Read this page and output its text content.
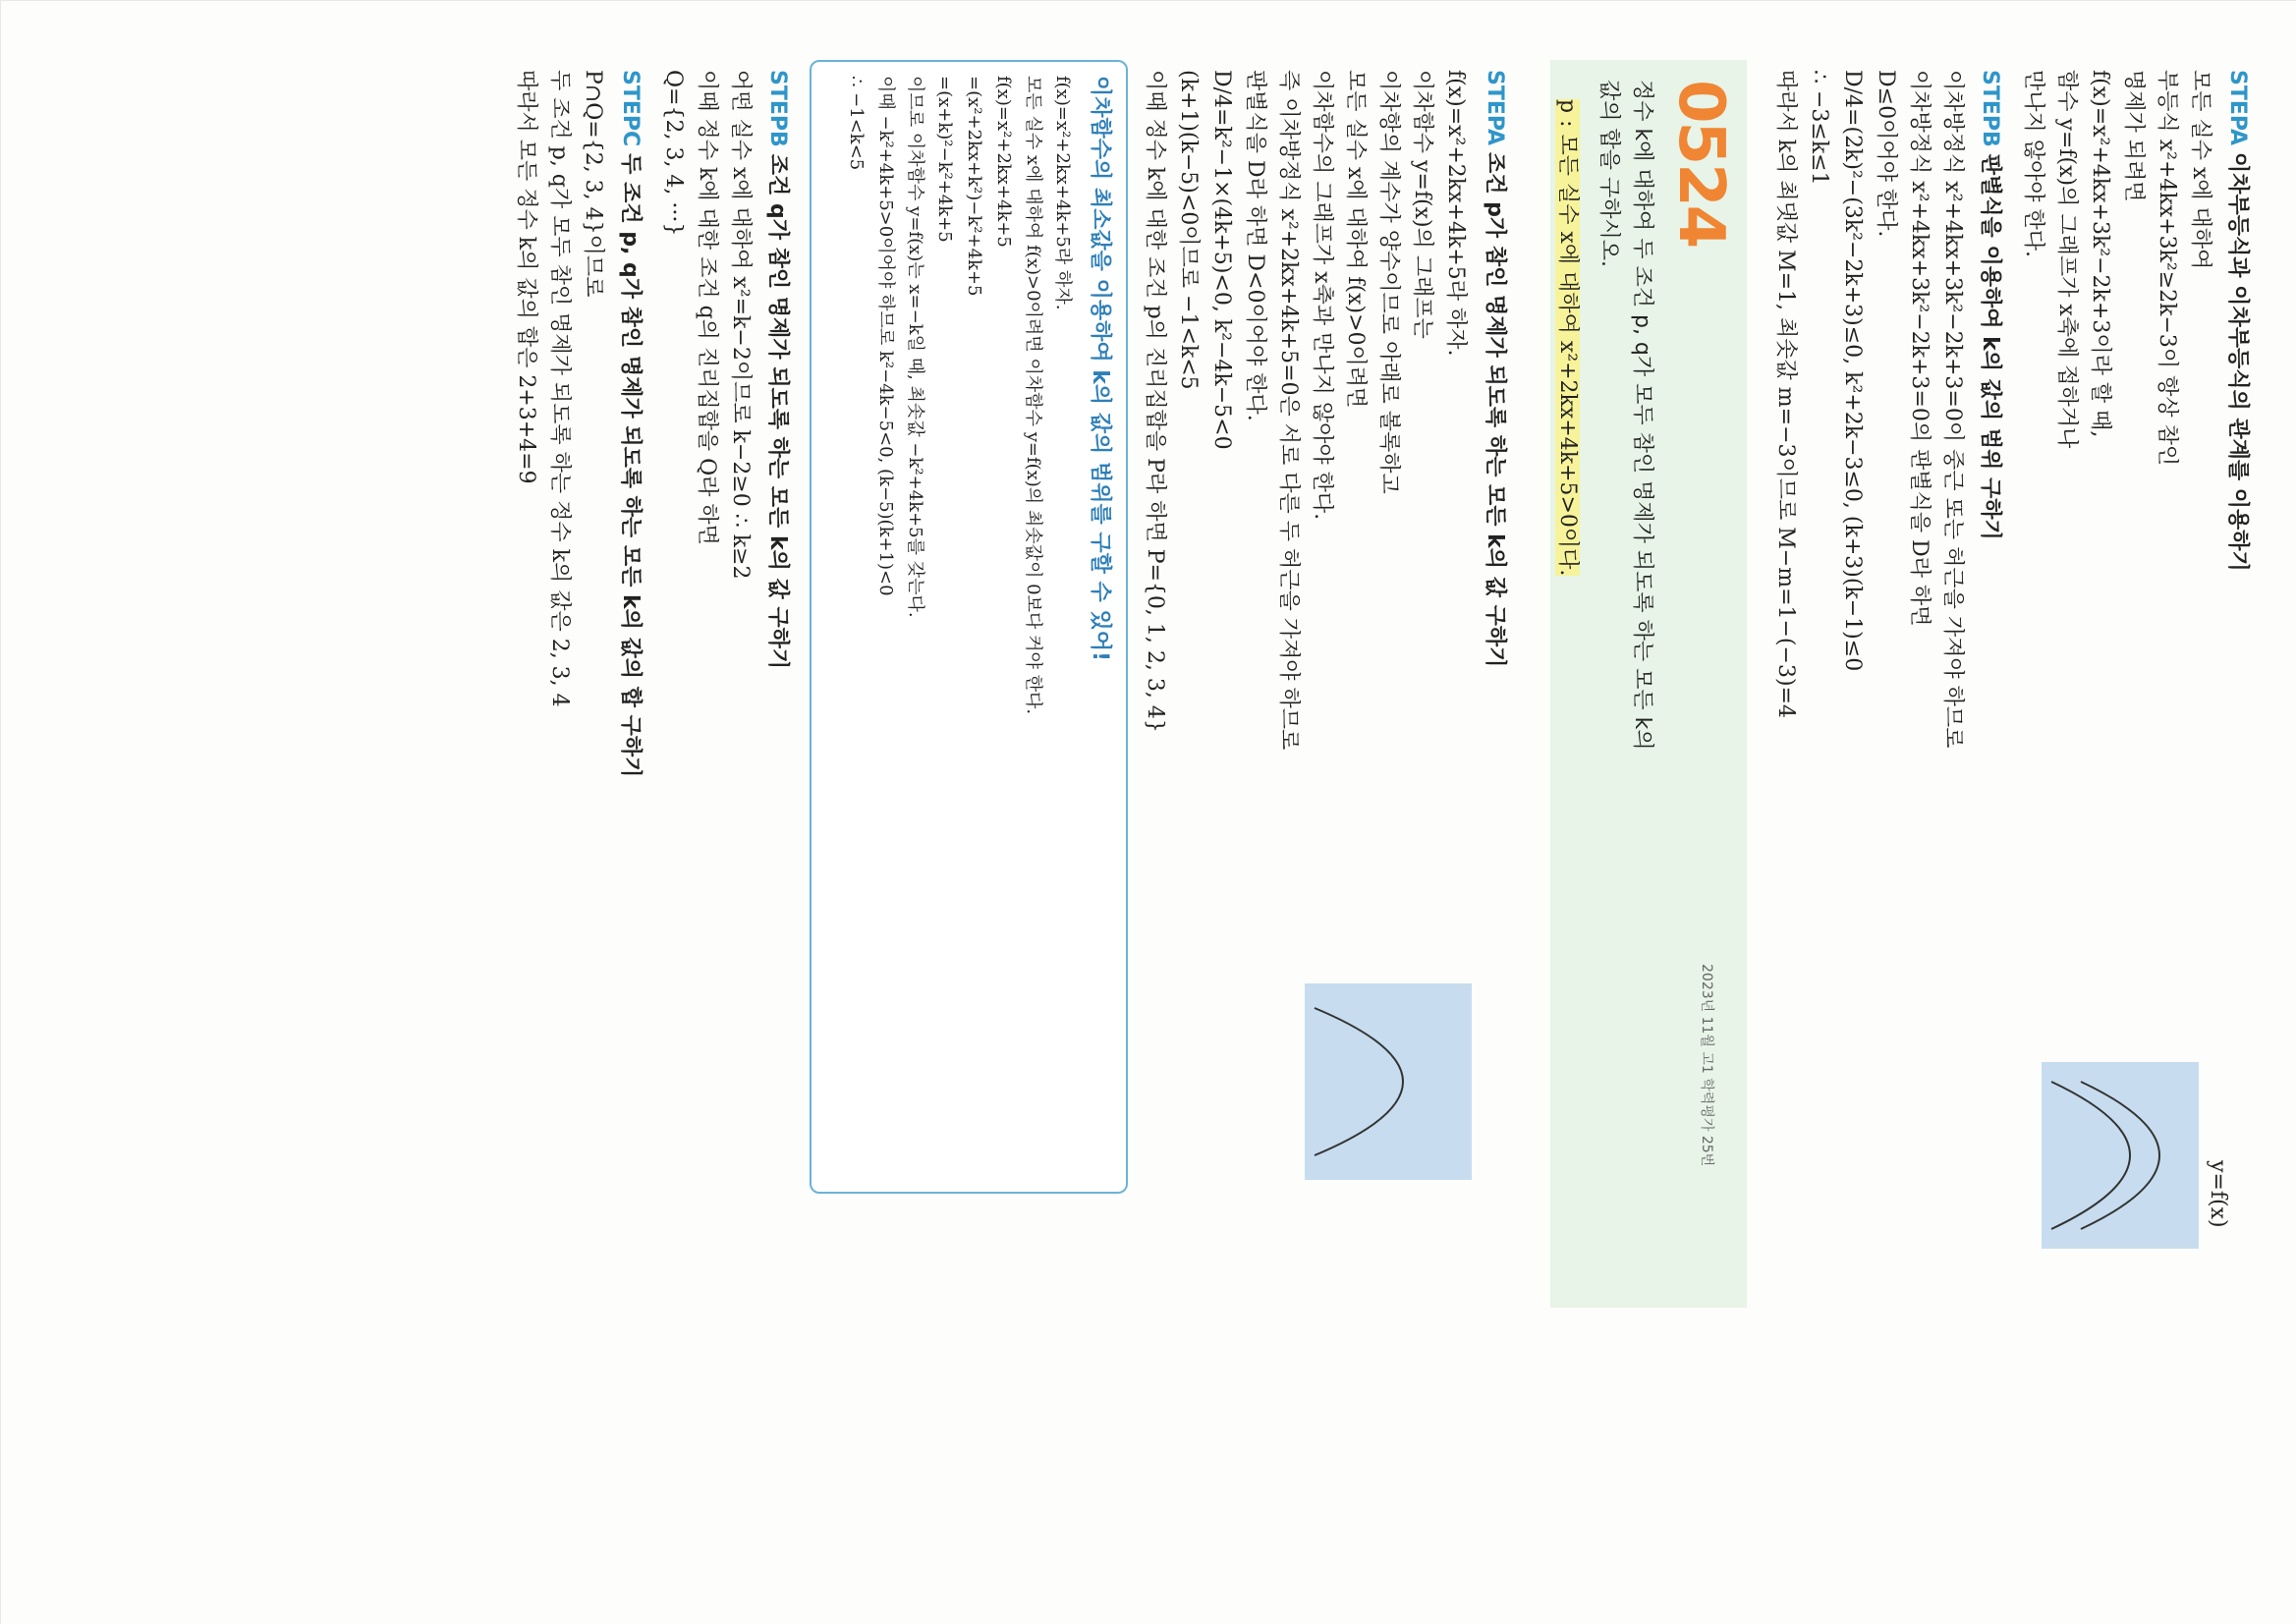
STEPA 이차부등식과 이차부등식의 관계를 이용하기
모든 실수 x에 대하여
부등식 x²+4kx+3k²≥2k−3이 항상 참인
명제가 되려면
f(x)=x²+4kx+3k²−2k+3이라 할 때,
함수 y=f(x)의 그래프가 x축에 접하거나
만나지 않아야 한다.
y=f(x)
STEPB 판별식을 이용하여 k의 값의 범위 구하기
이차방정식 x²+4kx+3k²−2k+3=0이 중근 또는 허근을 가져야 하므로
이차방정식 x²+4kx+3k²−2k+3=0의 판별식을 D라 하면
D≤0이어야 한다.
D/4=(2k)²−(3k²−2k+3)≤0, k²+2k−3≤0, (k+3)(k−1)≤0
∴ −3≤k≤1
따라서 k의 최댓값 M=1, 최솟값 m=−3이므로 M−m=1−(−3)=4
0524
2023년 11월 고1 학력평가 25번
정수 k에 대하여 두 조건 p, q가 모두 참인 명제가 되도록 하는 모든 k의
값의 합을 구하시오.
p : 모든 실수 x에 대하여 x²+2kx+4k+5>0이다.
STEPA 조건 p가 참인 명제가 되도록 하는 모든 k의 값 구하기
f(x)=x²+2kx+4k+5라 하자.
이차함수 y=f(x)의 그래프는
이차항의 계수가 양수이므로 아래로 볼록하고
모든 실수 x에 대하여 f(x)>0이려면
이차함수의 그래프가 x축과 만나지 않아야 한다.
즉 이차방정식 x²+2kx+4k+5=0은 서로 다른 두 허근을 가져야 하므로
판별식을 D라 하면 D<0이어야 한다.
D/4=k²−1×(4k+5)<0, k²−4k−5<0
(k+1)(k−5)<0이므로 −1<k<5
이때 정수 k에 대한 조건 p의 진리집합을 P라 하면 P={0, 1, 2, 3, 4}
이차함수의 최소값을 이용하여 k의 값의 범위를 구할 수 있어!
f(x)=x²+2kx+4k+5라 하자.
모든 실수 x에 대하여 f(x)>0이려면 이차함수 y=f(x)의 최솟값이 0보다 커야 한다.
f(x)=x²+2kx+4k+5
=(x²+2kx+k²)−k²+4k+5
=(x+k)²−k²+4k+5
이므로 이차함수 y=f(x)는 x=−k일 때, 최솟값 −k²+4k+5를 갖는다.
이때 −k²+4k+5>0이어야 하므로 k²−4k−5<0, (k−5)(k+1)<0
∴ −1<k<5
STEPB 조건 q가 참인 명제가 되도록 하는 모든 k의 값 구하기
어떤 실수 x에 대하여 x²=k−2이므로 k−2≥0 ∴ k≥2
이때 정수 k에 대한 조건 q의 진리집합을 Q라 하면
Q={2, 3, 4, ···}
STEPC 두 조건 p, q가 참인 명제가 되도록 하는 모든 k의 값의 합 구하기
P∩Q={2, 3, 4}이므로
두 조건 p, q가 모두 참인 명제가 되도록 하는 정수 k의 값은 2, 3, 4
따라서 모든 정수 k의 값의 합은 2+3+4=9
